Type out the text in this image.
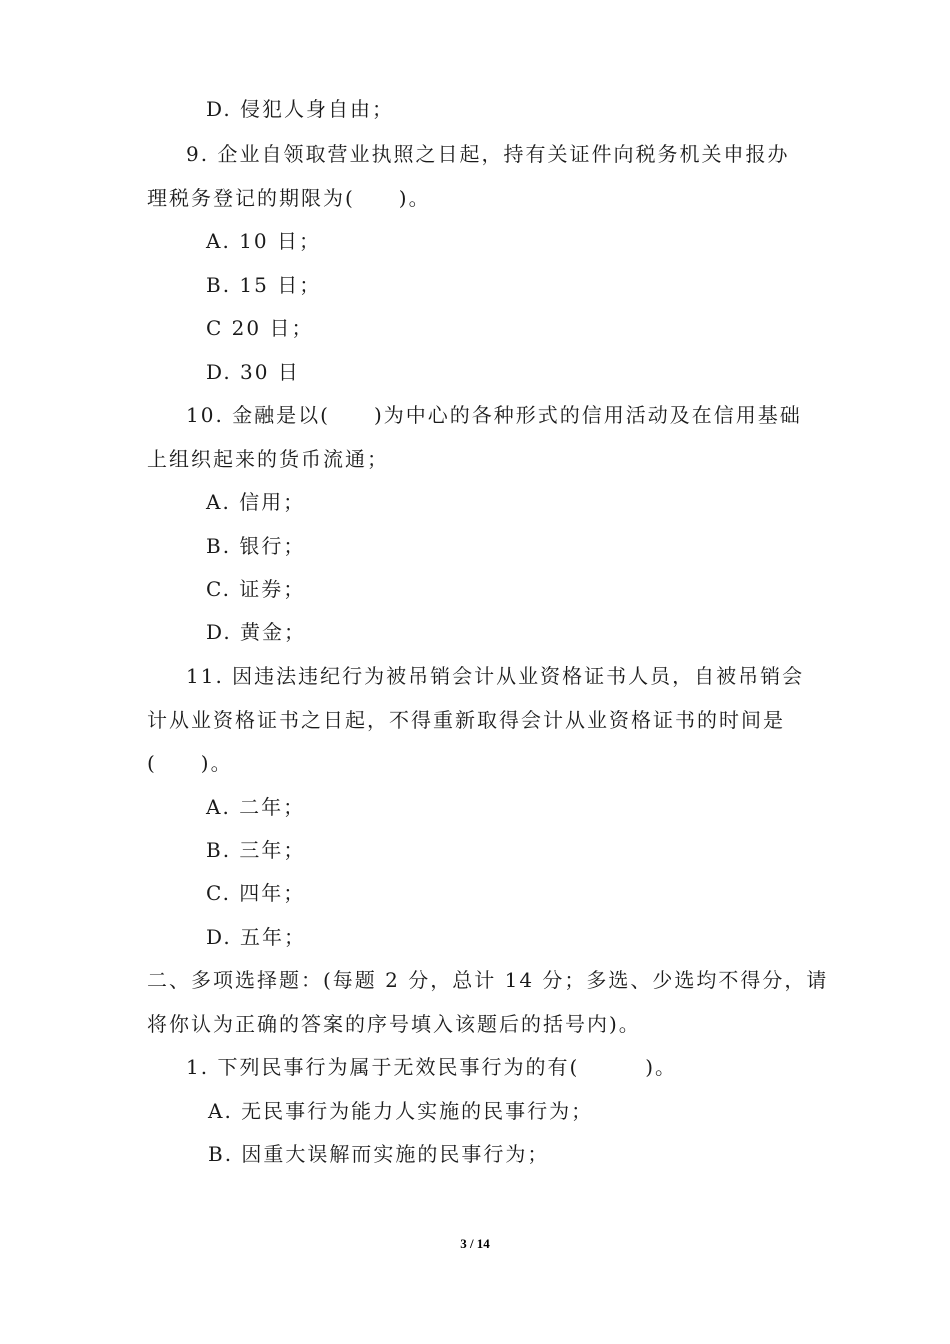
D. 侵犯人身自由；
9. 企业自领取营业执照之日起，持有关证件向税务机关申报办
理税务登记的期限为(　　)。
A. 10 日；
B. 15 日；
C 20 日；
D. 30 日
10. 金融是以(　　)为中心的各种形式的信用活动及在信用基础
上组织起来的货币流通；
A. 信用；
B. 银行；
C. 证券；
D. 黄金；
11. 因违法违纪行为被吊销会计从业资格证书人员，自被吊销会
计从业资格证书之日起，不得重新取得会计从业资格证书的时间是
(　　)。
A. 二年；
B. 三年；
C. 四年；
D. 五年；
二、多项选择题：(每题 2 分，总计 14 分；多选、少选均不得分，请
将你认为正确的答案的序号填入该题后的括号内)。
1. 下列民事行为属于无效民事行为的有(　　　)。
A. 无民事行为能力人实施的民事行为；
B. 因重大误解而实施的民事行为；
3 / 14
